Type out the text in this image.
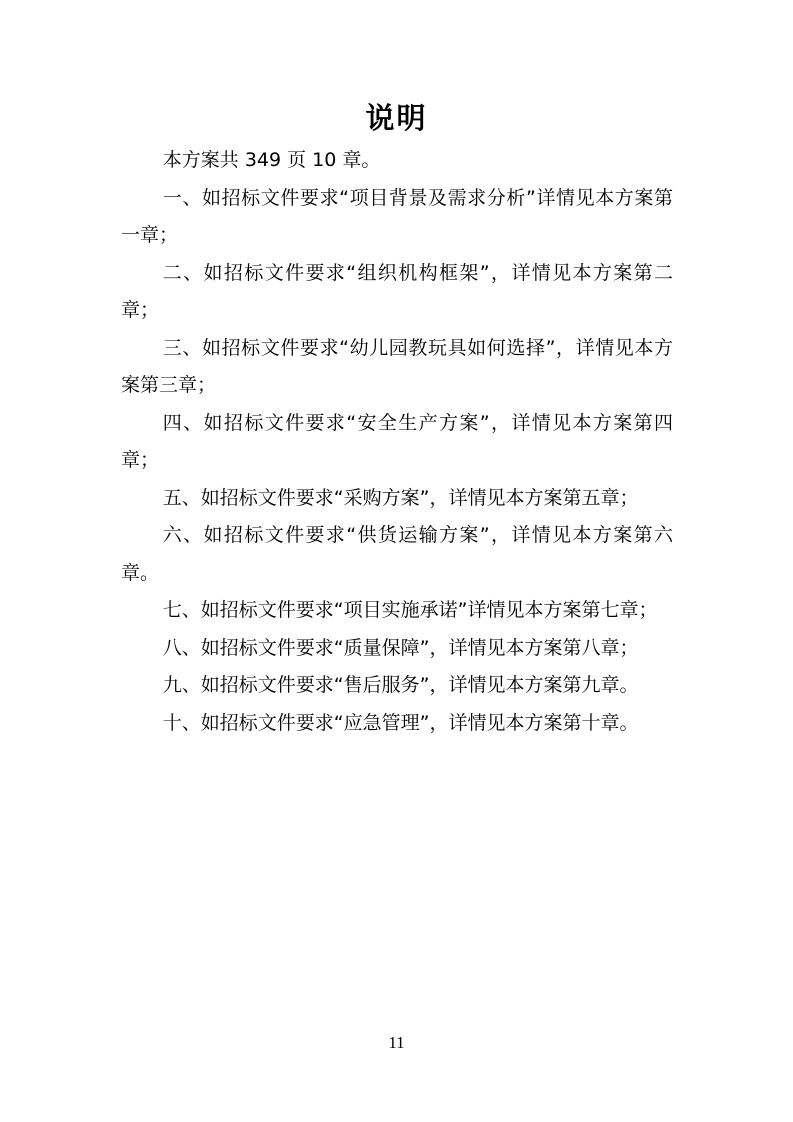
说明

本方案共 349 页 10 章。

一、如招标文件要求“项目背景及需求分析”详情见本方案第一章；

二、如招标文件要求“组织机构框架”，详情见本方案第二章；

三、如招标文件要求“幼儿园教玩具如何选择”，详情见本方案第三章；

四、如招标文件要求“安全生产方案”，详情见本方案第四章；

五、如招标文件要求“采购方案”，详情见本方案第五章；

六、如招标文件要求“供货运输方案”，详情见本方案第六章。

七、如招标文件要求“项目实施承诺”详情见本方案第七章；

八、如招标文件要求“质量保障”，详情见本方案第八章；

九、如招标文件要求“售后服务”，详情见本方案第九章。

十、如招标文件要求“应急管理”，详情见本方案第十章。

11
